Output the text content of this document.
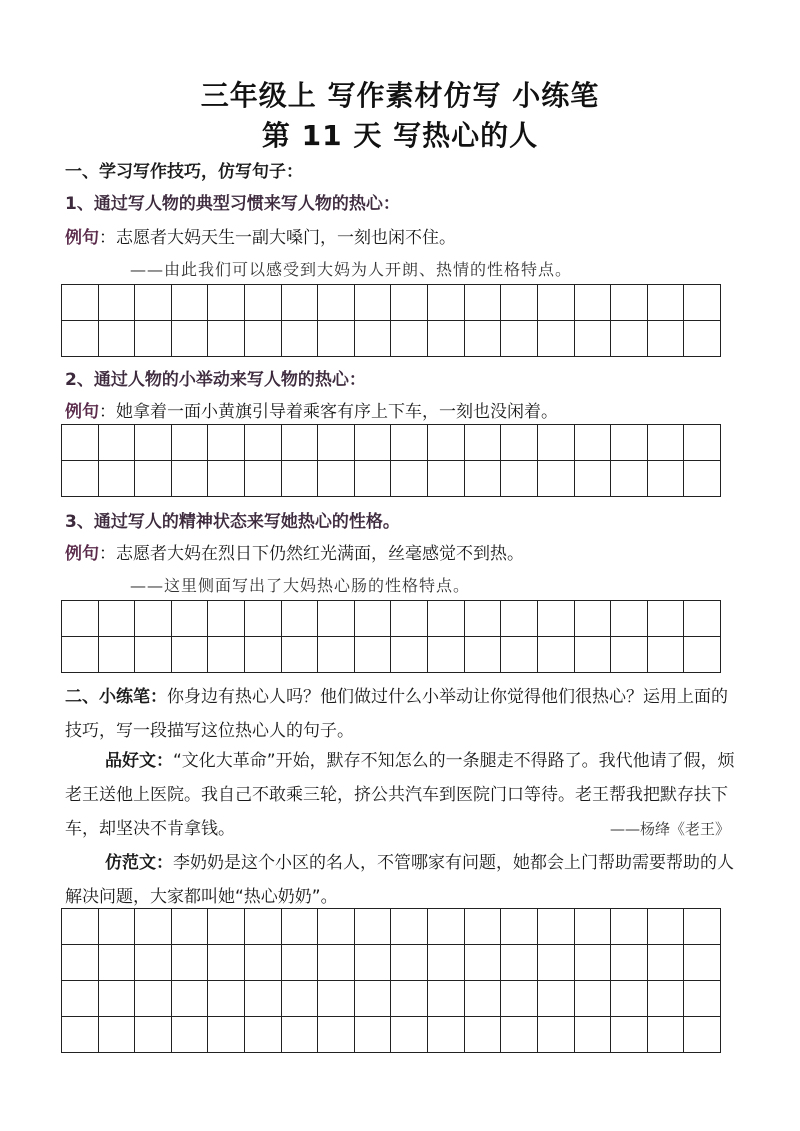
三年级上 写作素材仿写 小练笔
第 11 天 写热心的人
一、学习写作技巧，仿写句子：
1、通过写人物的典型习惯来写人物的热心：
例句：志愿者大妈天生一副大嗓门，一刻也闲不住。
——由此我们可以感受到大妈为人开朗、热情的性格特点。
2、通过人物的小举动来写人物的热心：
例句：她拿着一面小黄旗引导着乘客有序上下车，一刻也没闲着。
3、通过写人的精神状态来写她热心的性格。
例句：志愿者大妈在烈日下仍然红光满面，丝毫感觉不到热。
——这里侧面写出了大妈热心肠的性格特点。
二、小练笔：你身边有热心人吗？他们做过什么小举动让你觉得他们很热心？运用上面的技巧，写一段描写这位热心人的句子。
品好文：“文化大革命”开始，默存不知怎么的一条腿走不得路了。我代他请了假，烦老王送他上医院。我自己不敢乘三轮，挤公共汽车到医院门口等待。老王帮我把默存扶下车，却坚决不肯拿钱。	——杨绛《老王》
仿范文：李奶奶是这个小区的名人，不管哪家有问题，她都会上门帮助需要帮助的人解决问题，大家都叫她“热心奶奶”。
